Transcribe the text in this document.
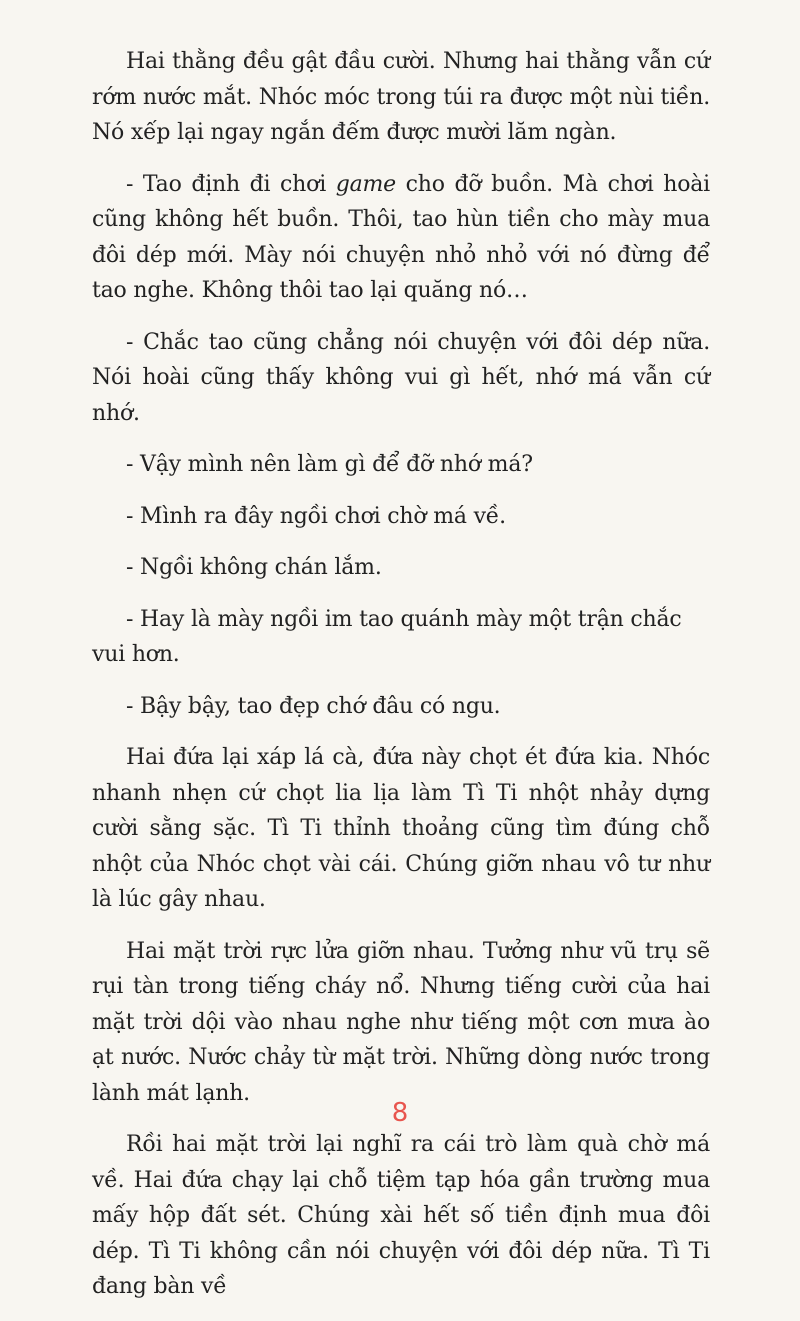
Hai thằng đều gật đầu cười. Nhưng hai thằng vẫn cứ rớm nước mắt. Nhóc móc trong túi ra được một nùi tiền. Nó xếp lại ngay ngắn đếm được mười lăm ngàn.

- Tao định đi chơi game cho đỡ buồn. Mà chơi hoài cũng không hết buồn. Thôi, tao hùn tiền cho mày mua đôi dép mới. Mày nói chuyện nhỏ nhỏ với nó đừng để tao nghe. Không thôi tao lại quăng nó…

- Chắc tao cũng chẳng nói chuyện với đôi dép nữa. Nói hoài cũng thấy không vui gì hết, nhớ má vẫn cứ nhớ.

- Vậy mình nên làm gì để đỡ nhớ má?

- Mình ra đây ngồi chơi chờ má về.

- Ngồi không chán lắm.

- Hay là mày ngồi im tao quánh mày một trận chắc vui hơn.

- Bậy bậy, tao đẹp chớ đâu có ngu.

Hai đứa lại xáp lá cà, đứa này chọt ét đứa kia. Nhóc nhanh nhẹn cứ chọt lia lịa làm Tì Ti nhột nhảy dựng cười sằng sặc. Tì Ti thỉnh thoảng cũng tìm đúng chỗ nhột của Nhóc chọt vài cái. Chúng giỡn nhau vô tư như là lúc gây nhau.

Hai mặt trời rực lửa giỡn nhau. Tưởng như vũ trụ sẽ rụi tàn trong tiếng cháy nổ. Nhưng tiếng cười của hai mặt trời dội vào nhau nghe như tiếng một cơn mưa ào ạt nước. Nước chảy từ mặt trời. Những dòng nước trong lành mát lạnh.

Rồi hai mặt trời lại nghĩ ra cái trò làm quà chờ má về. Hai đứa chạy lại chỗ tiệm tạp hóa gần trường mua mấy hộp đất sét. Chúng xài hết số tiền định mua đôi dép. Tì Ti không cần nói chuyện với đôi dép nữa. Tì Ti đang bàn về

8
